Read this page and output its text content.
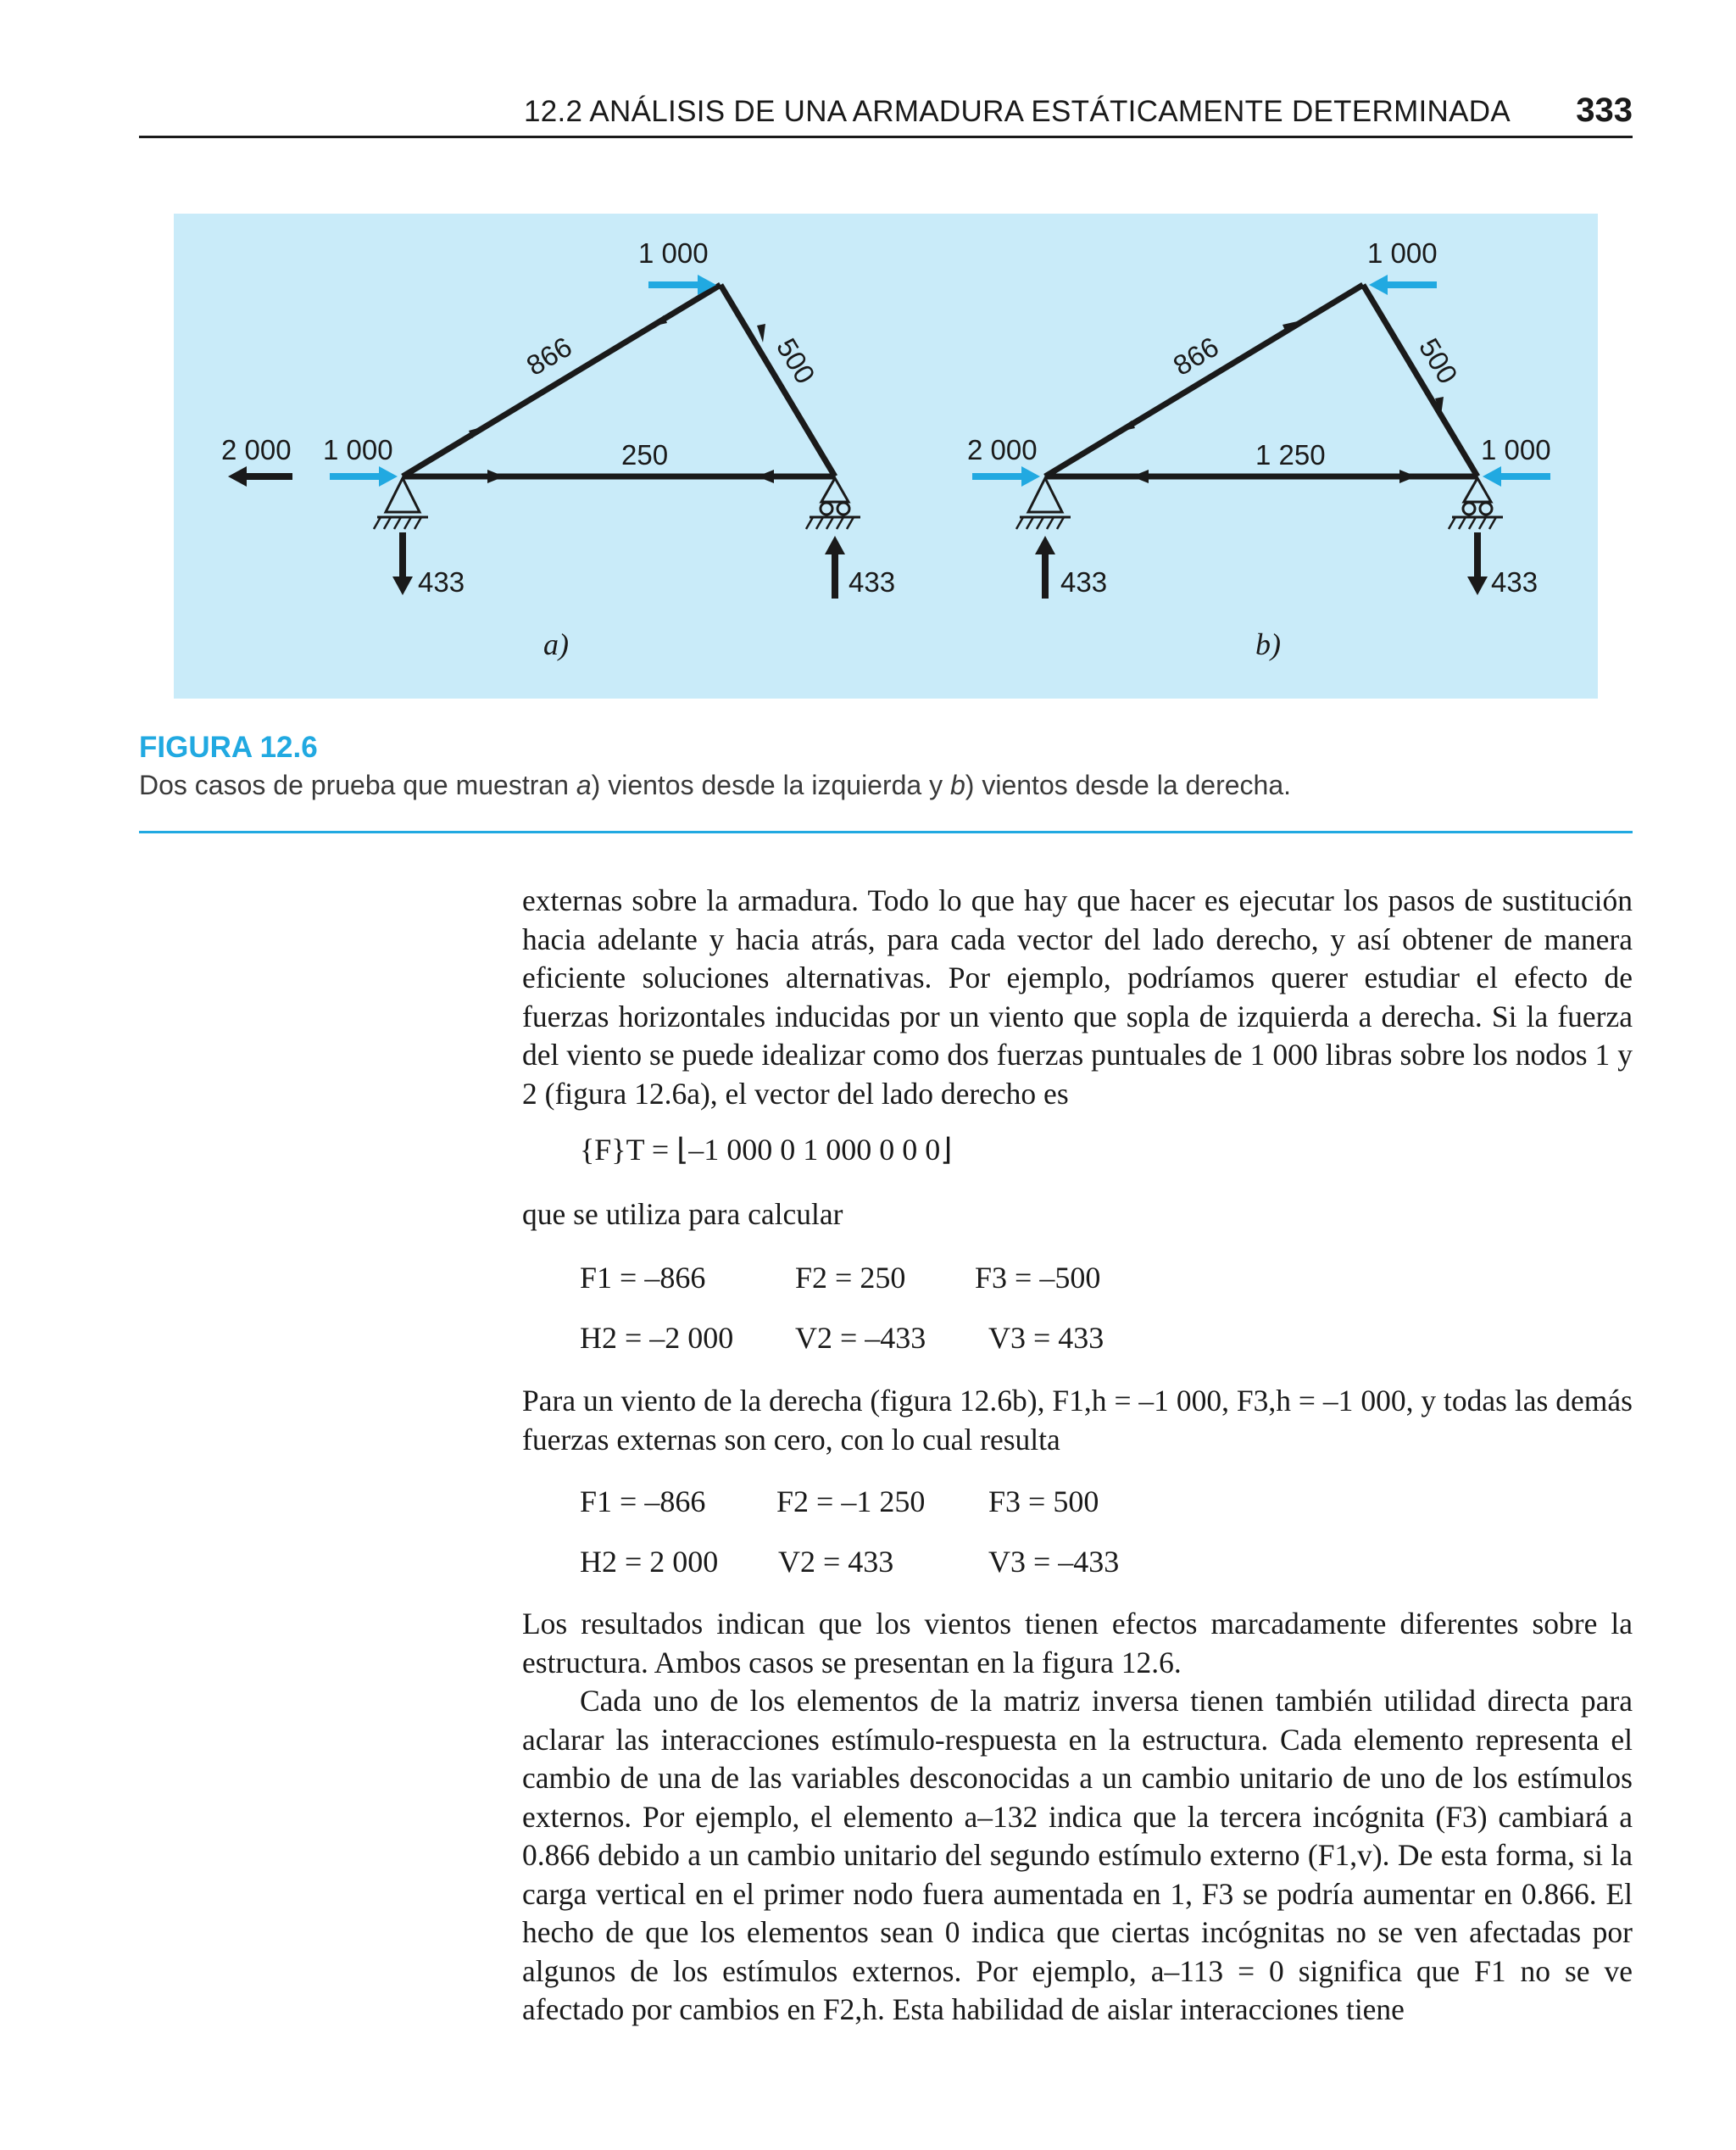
12.2 ANÁLISIS DE UNA ARMADURA ESTÁTICAMENTE DETERMINADA 333
1 000
2 000 1 000
866	500
250
433	433
a)
1 000
2 000	1 000
866	500
1 250
433	433
b)
FIGURA 12.6
Dos casos de prueba que muestran a) vientos desde la izquierda y b) vientos desde la derecha.

externas sobre la armadura. Todo lo que hay que hacer es ejecutar los pasos de sustitución hacia adelante y hacia atrás, para cada vector del lado derecho, y así obtener de manera eficiente soluciones alternativas. Por ejemplo, podríamos querer estudiar el efecto de fuerzas horizontales inducidas por un viento que sopla de izquierda a derecha. Si la fuerza del viento se puede idealizar como dos fuerzas puntuales de 1 000 libras sobre los nodos 1 y 2 (figura 12.6a), el vector del lado derecho es

{F}T = ⌊–1 000 0 1 000 0 0 0⌋

que se utiliza para calcular

F1 = –866	F2 = 250 F3 = –500
H2 = –2 000 V2 = –433 V3 = 433

Para un viento de la derecha (figura 12.6b), F1,h = –1 000, F3,h = –1 000, y todas las demás fuerzas externas son cero, con lo cual resulta

F1 = –866 F2 = –1 250 F3 = 500
H2 = 2 000 V2 = 433	V3 = –433

Los resultados indican que los vientos tienen efectos marcadamente diferentes sobre la estructura. Ambos casos se presentan en la figura 12.6.

Cada uno de los elementos de la matriz inversa tienen también utilidad directa para aclarar las interacciones estímulo-respuesta en la estructura. Cada elemento representa el cambio de una de las variables desconocidas a un cambio unitario de uno de los estímulos externos. Por ejemplo, el elemento a–132 indica que la tercera incógnita (F3) cambiará a 0.866 debido a un cambio unitario del segundo estímulo externo (F1,v). De esta forma, si la carga vertical en el primer nodo fuera aumentada en 1, F3 se podría aumentar en 0.866. El hecho de que los elementos sean 0 indica que ciertas incógnitas no se ven afectadas por algunos de los estímulos externos. Por ejemplo, a–113 = 0 significa que F1 no se ve afectado por cambios en F2,h. Esta habilidad de aislar interacciones tiene
